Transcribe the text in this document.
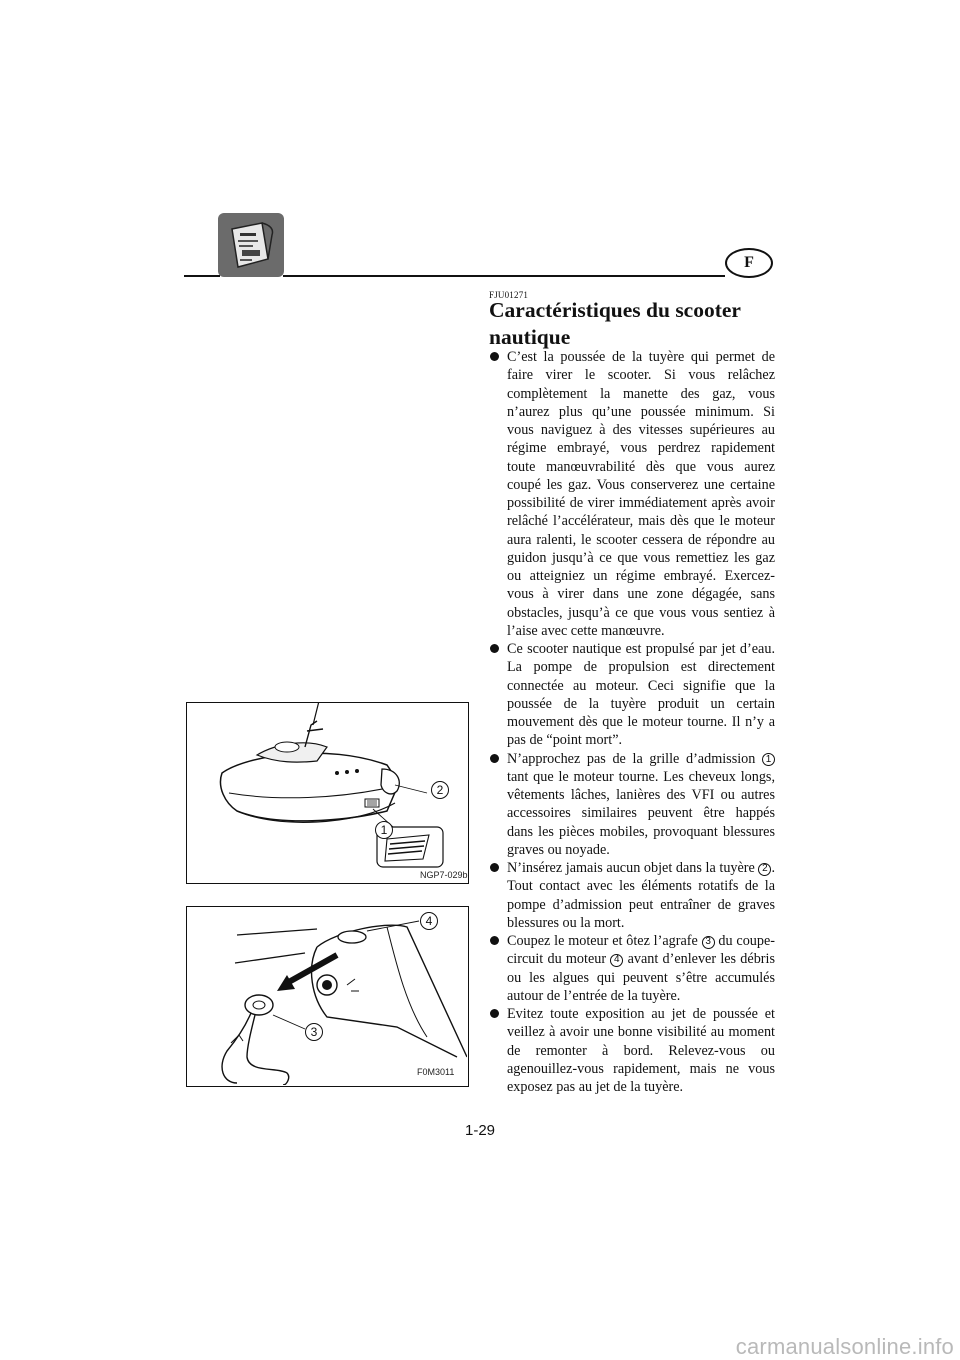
F
FJU01271
Caractéristiques du scooter nautique
C’est la poussée de la tuyère qui permet de faire virer le scooter. Si vous relâchez complètement la manette des gaz, vous n’aurez plus qu’une poussée minimum. Si vous naviguez à des vitesses supérieures au régime embrayé, vous perdrez rapidement toute manœuvrabilité dès que vous aurez coupé les gaz. Vous conserverez une certaine possibilité de virer immédiatement après avoir relâché l’accélérateur, mais dès que le moteur aura ralenti, le scooter cessera de répondre au guidon jusqu’à ce que vous remettiez les gaz ou atteigniez un régime embrayé. Exercez-vous à virer dans une zone dégagée, sans obstacles, jusqu’à ce que vous vous sentiez à l’aise avec cette manœuvre.
Ce scooter nautique est propulsé par jet d’eau. La pompe de propulsion est directement connectée au moteur. Ceci signifie que la poussée de la tuyère produit un certain mouvement dès que le moteur tourne. Il n’y a pas de “point mort”.
N’approchez pas de la grille d’admission 1 tant que le moteur tourne. Les cheveux longs, vêtements lâches, lanières des VFI ou autres accessoires similaires peuvent être happés dans les pièces mobiles, provoquant blessures graves ou noyade.
N’insérez jamais aucun objet dans la tuyère 2 . Tout contact avec les éléments rotatifs de la pompe d’admission peut entraîner de graves blessures ou la mort.
Coupez le moteur et ôtez l’agrafe 3 du coupe-circuit du moteur 4 avant d’enlever les débris ou les algues qui peuvent s’être accumulés autour de l’entrée de la tuyère.
Evitez toute exposition au jet de poussée et veillez à avoir une bonne visibilité au moment de remonter à bord. Relevez-vous ou agenouillez-vous rapidement, mais ne vous exposez pas au jet de la tuyère.
2
1
NGP7-029b
4
3
F0M3011
1-29
carmanualsonline.info
